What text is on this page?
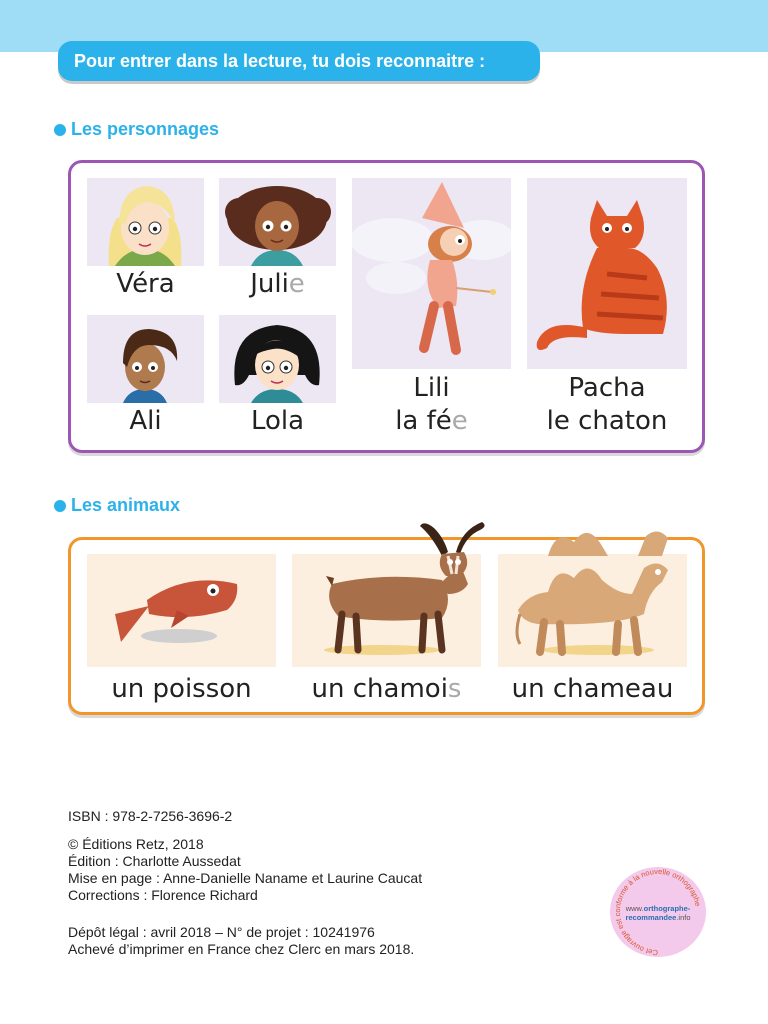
Pour entrer dans la lecture, tu dois reconnaitre :
Les personnages
Véra	Julie
Ali	Lola
Lili
la fée
Pacha
le chaton
Les animaux
un poisson	un chamois	un chameau
ISBN : 978-2-7256-3696-2
© Éditions Retz, 2018
Édition : Charlotte Aussedat
Mise en page : Anne-Danielle Naname et Laurine Caucat
Corrections : Florence Richard
Dépôt légal : avril 2018 – N° de projet : 10241976
Achevé d’imprimer en France chez Clerc en mars 2018.	Cet ouvrage est conforme à la nouvelle orthographe
www.orthographe-
recommandee.info
